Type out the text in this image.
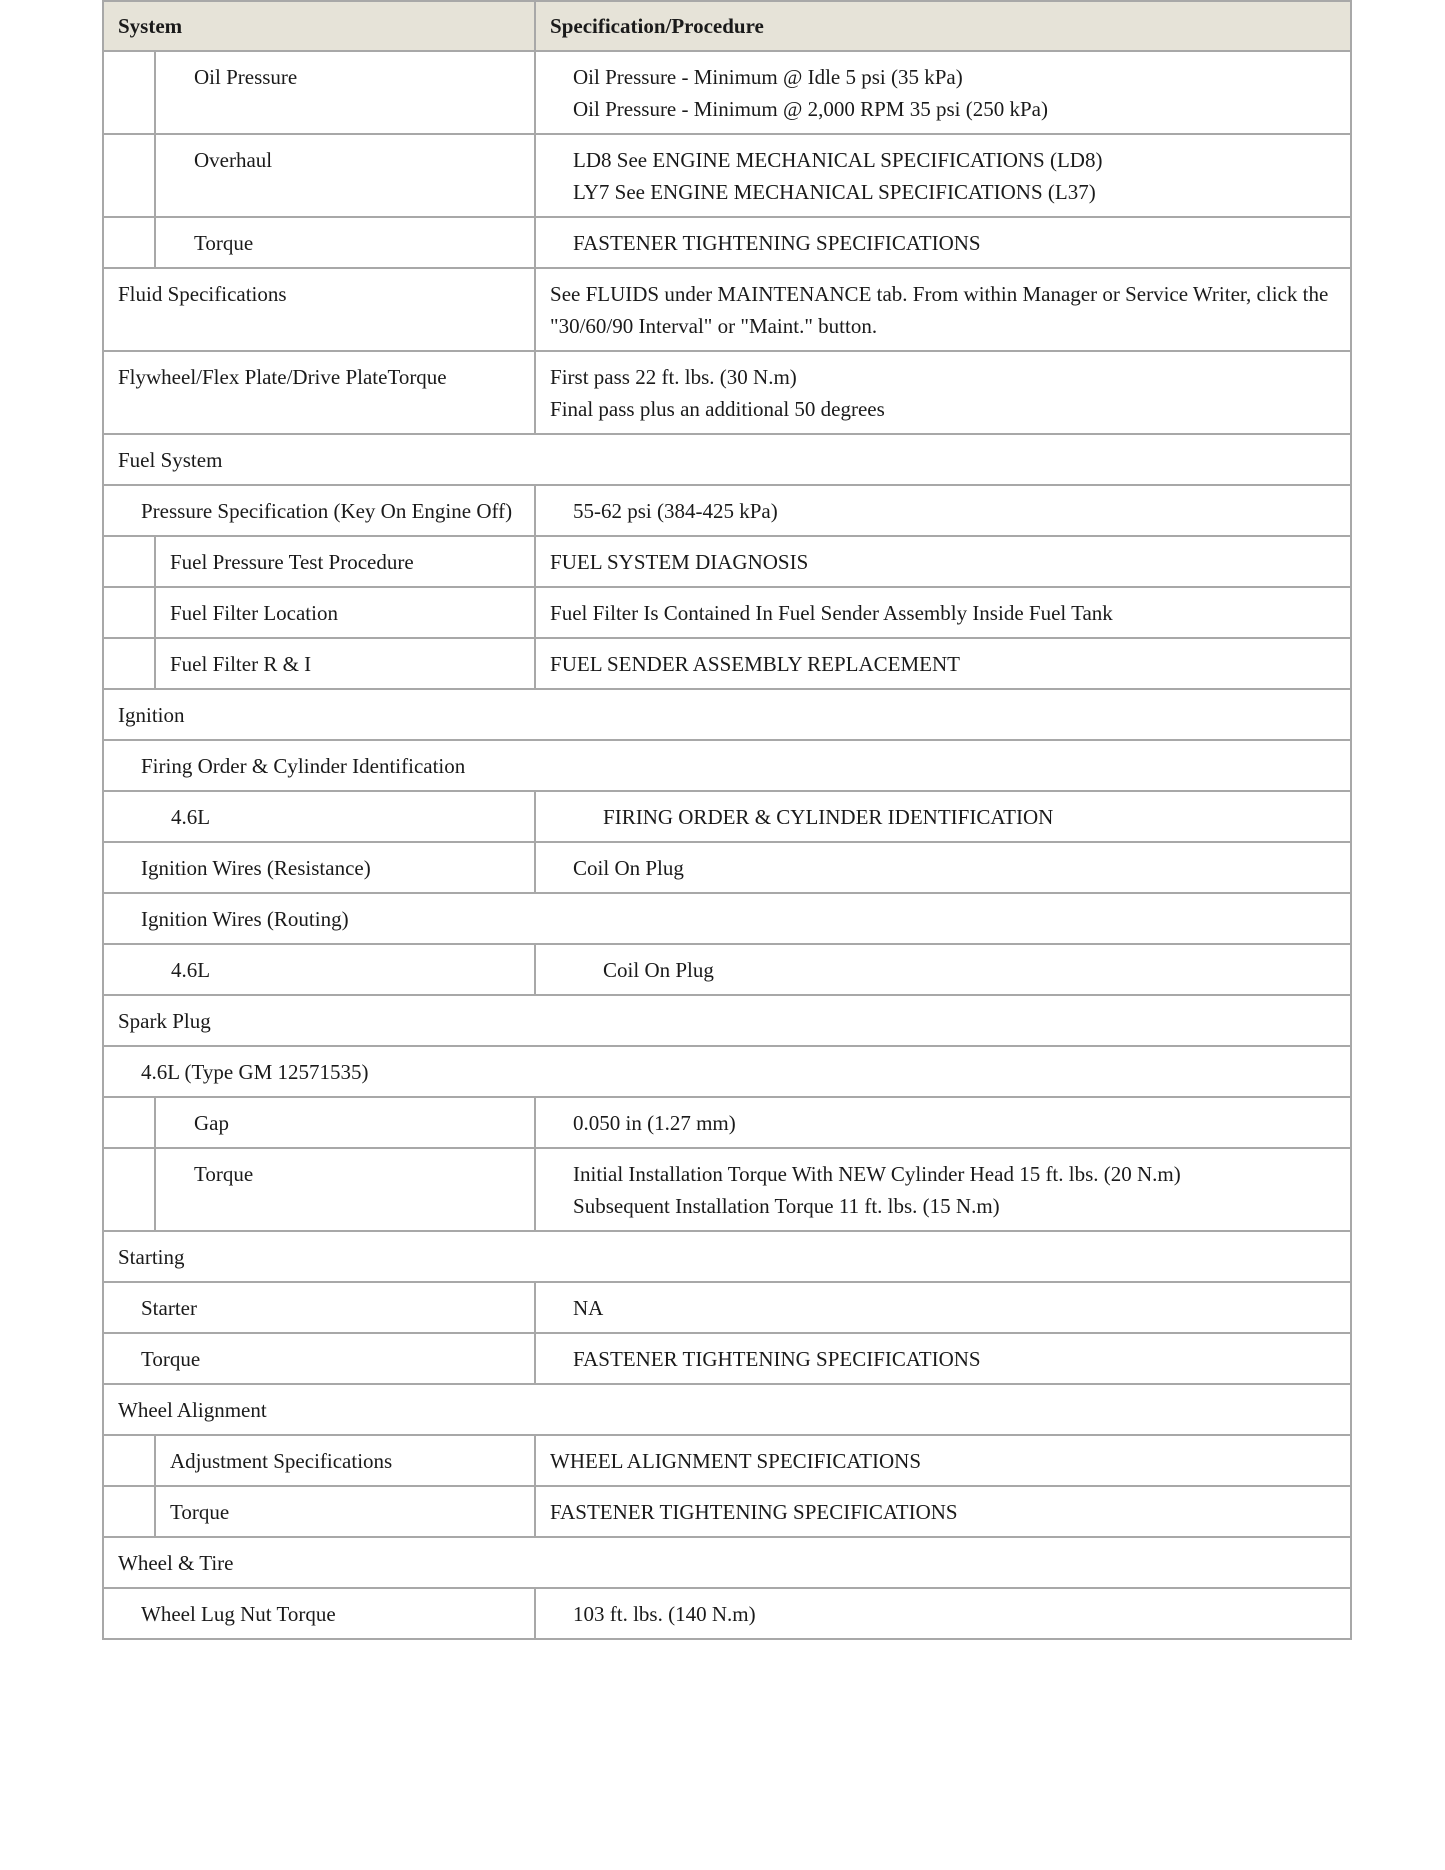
System		Specification/Procedure
	Oil Pressure	Oil Pressure - Minimum @ Idle 5 psi (35 kPa)
Oil Pressure - Minimum @ 2,000 RPM 35 psi (250 kPa)

	Overhaul	LD8 See ENGINE MECHANICAL SPECIFICATIONS (LD8)
LY7 See ENGINE MECHANICAL SPECIFICATIONS (L37)

	Torque	FASTENER TIGHTENING SPECIFICATIONS

Fluid Specifications		See FLUIDS under MAINTENANCE tab. From within Manager or Service Writer, click the "30/60/90 Interval" or "Maint." button.

Flywheel/Flex Plate/Drive PlateTorque		First pass 22 ft. lbs. (30 N.m)
Final pass plus an additional 50 degrees

Fuel System		
Pressure Specification (Key On Engine Off)		55-62 psi (384-425 kPa)

	Fuel Pressure Test Procedure	FUEL SYSTEM DIAGNOSIS

	Fuel Filter Location	Fuel Filter Is Contained In Fuel Sender Assembly Inside Fuel Tank

	Fuel Filter R & I	FUEL SENDER ASSEMBLY REPLACEMENT

Ignition		
Firing Order & Cylinder Identification		
4.6L		FIRING ORDER & CYLINDER IDENTIFICATION

Ignition Wires (Resistance)		Coil On Plug

Ignition Wires (Routing)		
4.6L		Coil On Plug

Spark Plug		
4.6L (Type GM 12571535)		
	Gap	0.050 in (1.27 mm)

	Torque	Initial Installation Torque With NEW Cylinder Head 15 ft. lbs. (20 N.m)
Subsequent Installation Torque 11 ft. lbs. (15 N.m)

Starting		
Starter		NA

Torque		FASTENER TIGHTENING SPECIFICATIONS

Wheel Alignment		
	Adjustment Specifications	WHEEL ALIGNMENT SPECIFICATIONS

	Torque	FASTENER TIGHTENING SPECIFICATIONS

Wheel & Tire		
Wheel Lug Nut Torque		103 ft. lbs. (140 N.m)
